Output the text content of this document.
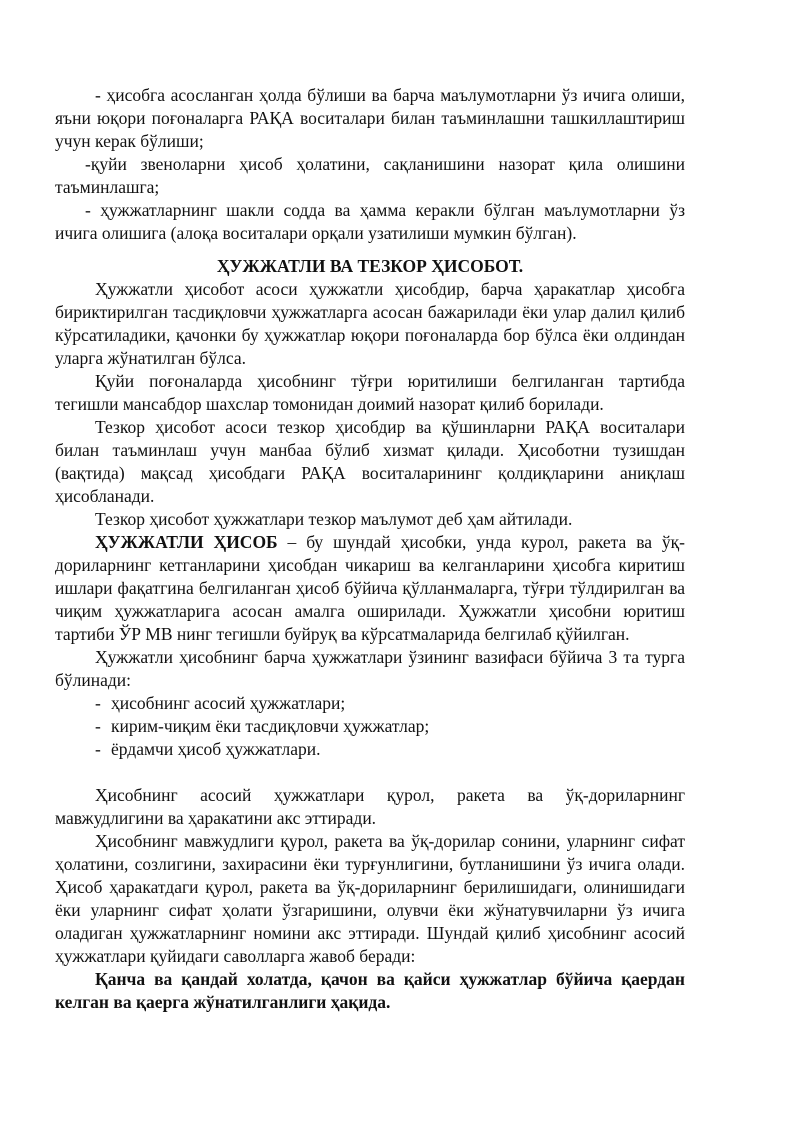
- ҳисобга асосланган ҳолда бўлиши ва барча маълумотларни ўз ичига олиши, яъни юқори поғоналарга РАҚА воситалари билан таъминлашни ташкиллаштириш учун керак бўлиши;

-қуйи звеноларни ҳисоб ҳолатини, сақланишини назорат қила олишини таъминлашга;

- ҳужжатларнинг шакли содда ва ҳамма керакли бўлган маълумотларни ўз ичига олишига (алоқа воситалари орқали узатилиши мумкин бўлган).

ҲУЖЖАТЛИ ВА ТЕЗКОР ҲИСОБОТ.

Ҳужжатли ҳисобот асоси ҳужжатли ҳисобдир, барча ҳаракатлар ҳисобга бириктирилган тасдиқловчи ҳужжатларга асосан бажарилади ёки улар далил қилиб кўрсатиладики, қачонки бу ҳужжатлар юқори поғоналарда бор бўлса ёки олдиндан уларга жўнатилган бўлса.

Қуйи поғоналарда ҳисобнинг тўғри юритилиши белгиланган тартибда тегишли мансабдор шахслар томонидан доимий назорат қилиб борилади.

Тезкор ҳисобот асоси тезкор ҳисобдир ва қўшинларни РАҚА воситалари билан таъминлаш учун манбаа бўлиб хизмат қилади. Ҳисоботни тузишдан (вақтида) мақсад ҳисобдаги РАҚА воситаларининг қолдиқларини аниқлаш ҳисобланади.

Тезкор ҳисобот ҳужжатлари тезкор маълумот деб ҳам айтилади.

ҲУЖЖАТЛИ ҲИСОБ – бу шундай ҳисобки, унда курол, ракета ва ўқ-дориларнинг кетганларини ҳисобдан чикариш ва келганларини ҳисобга киритиш ишлари фақатгина белгиланган ҳисоб бўйича қўлланмаларга, тўғри тўлдирилган ва чиқим ҳужжатларига асосан амалга оширилади. Ҳужжатли ҳисобни юритиш тартиби ЎР МВ нинг тегишли буйруқ ва кўрсатмаларида белгилаб қўйилган.

Ҳужжатли ҳисобнинг барча ҳужжатлари ўзининг вазифаси бўйича 3 та турга бўлинади:

- ҳисобнинг асосий ҳужжатлари;
- кирим-чиқим ёки тасдиқловчи ҳужжатлар;
- ёрдамчи ҳисоб ҳужжатлари.

Ҳисобнинг асосий ҳужжатлари қурол, ракета ва ўқ-дориларнинг мавжудлигини ва ҳаракатини акс эттиради.

Ҳисобнинг мавжудлиги қурол, ракета ва ўқ-дорилар сонини, уларнинг сифат ҳолатини, созлигини, захирасини ёки турғунлигини, бутланишини ўз ичига олади. Ҳисоб ҳаракатдаги қурол, ракета ва ўқ-дориларнинг берилишидаги, олинишидаги ёки уларнинг сифат ҳолати ўзгаришини, олувчи ёки жўнатувчиларни ўз ичига оладиган ҳужжатларнинг номини акс эттиради. Шундай қилиб ҳисобнинг асосий ҳужжатлари қуйидаги саволларга жавоб беради:

Қанча ва қандай холатда, қачон ва қайси ҳужжатлар бўйича қаердан келган ва қаерга жўнатилганлиги ҳақида.
